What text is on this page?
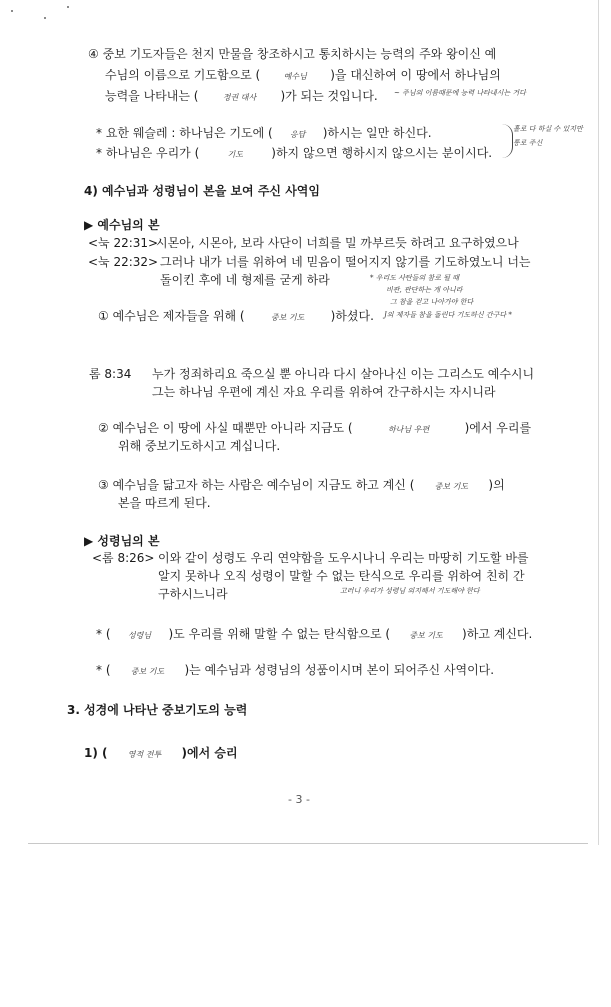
④ 중보 기도자들은 천지 만물을 창조하시고 통치하시는 능력의 주와 왕이신 예
수님의 이름으로 기도함으로 (	예수님 )을 대신하여 이 땅에서 하나님의
능력을 나타내는 (	정권 대사 )가 되는 것입니다. ~ 주님의 이름때문에 능력 나타내시는 거다
* 요한 웨슬레 : 하나님은 기도에 ( 응답 )하시는 일만 하신다.
* 하나님은 우리가 (	기도 )하지 않으면 행하시지 않으시는 분이시다.
홀로 다 하실 수 있지만
통로 주신
4) 예수님과 성령님이 본을 보여 주신 사역임
▶ 예수님의 본
<눅 22:31>
시몬아, 시몬아, 보라 사단이 너희를 밀 까부르듯 하려고 요구하였으나
<눅 22:32> 그러나 내가 너를 위하여 네 믿음이 떨어지지 않기를 기도하였노니 너는
돌이킨 후에 네 형제를 굳게 하라	* 우리도 사탄들의 참로 될 때
비판, 판단하는 게 아니라
그 참을 걷고 나아가야 한다
① 예수님은 제자들을 위해 (	중보 기도 )하셨다. J의 제자들 참을 돌린다 기도하신 간구다 *
롬 8:34 누가 정죄하리요 죽으실 뿐 아니라 다시 살아나신 이는 그리스도 예수시니
그는 하나님 우편에 계신 자요 우리를 위하여 간구하시는 자시니라
② 예수님은 이 땅에 사실 때뿐만 아니라 지금도 (	하나님 우편	)에서 우리를
위해 중보기도하시고 계십니다.
③ 예수님을 닮고자 하는 사람은 예수님이 지금도 하고 계신 (	중보 기도 )의
본을 따르게 된다.
▶ 성령님의 본
<롬 8:26> 이와 같이 성령도 우리 연약함을 도우시나니 우리는 마땅히 기도할 바를
알지 못하나 오직 성령이 말할 수 없는 탄식으로 우리를 위하여 친히 간
구하시느니라	고러니 우리가 성령님 의지해서 기도해야 한다
* ( 성령님 )도 우리를 위해 말할 수 없는 탄식함으로 ( 중보 기도 )하고 계신다.
* (	중보 기도 )는 예수님과 성령님의 성품이시며 본이 되어주신 사역이다.
3. 성경에 나타난 중보기도의 능력
1) (	영적 전투 )에서 승리
- 3 -
